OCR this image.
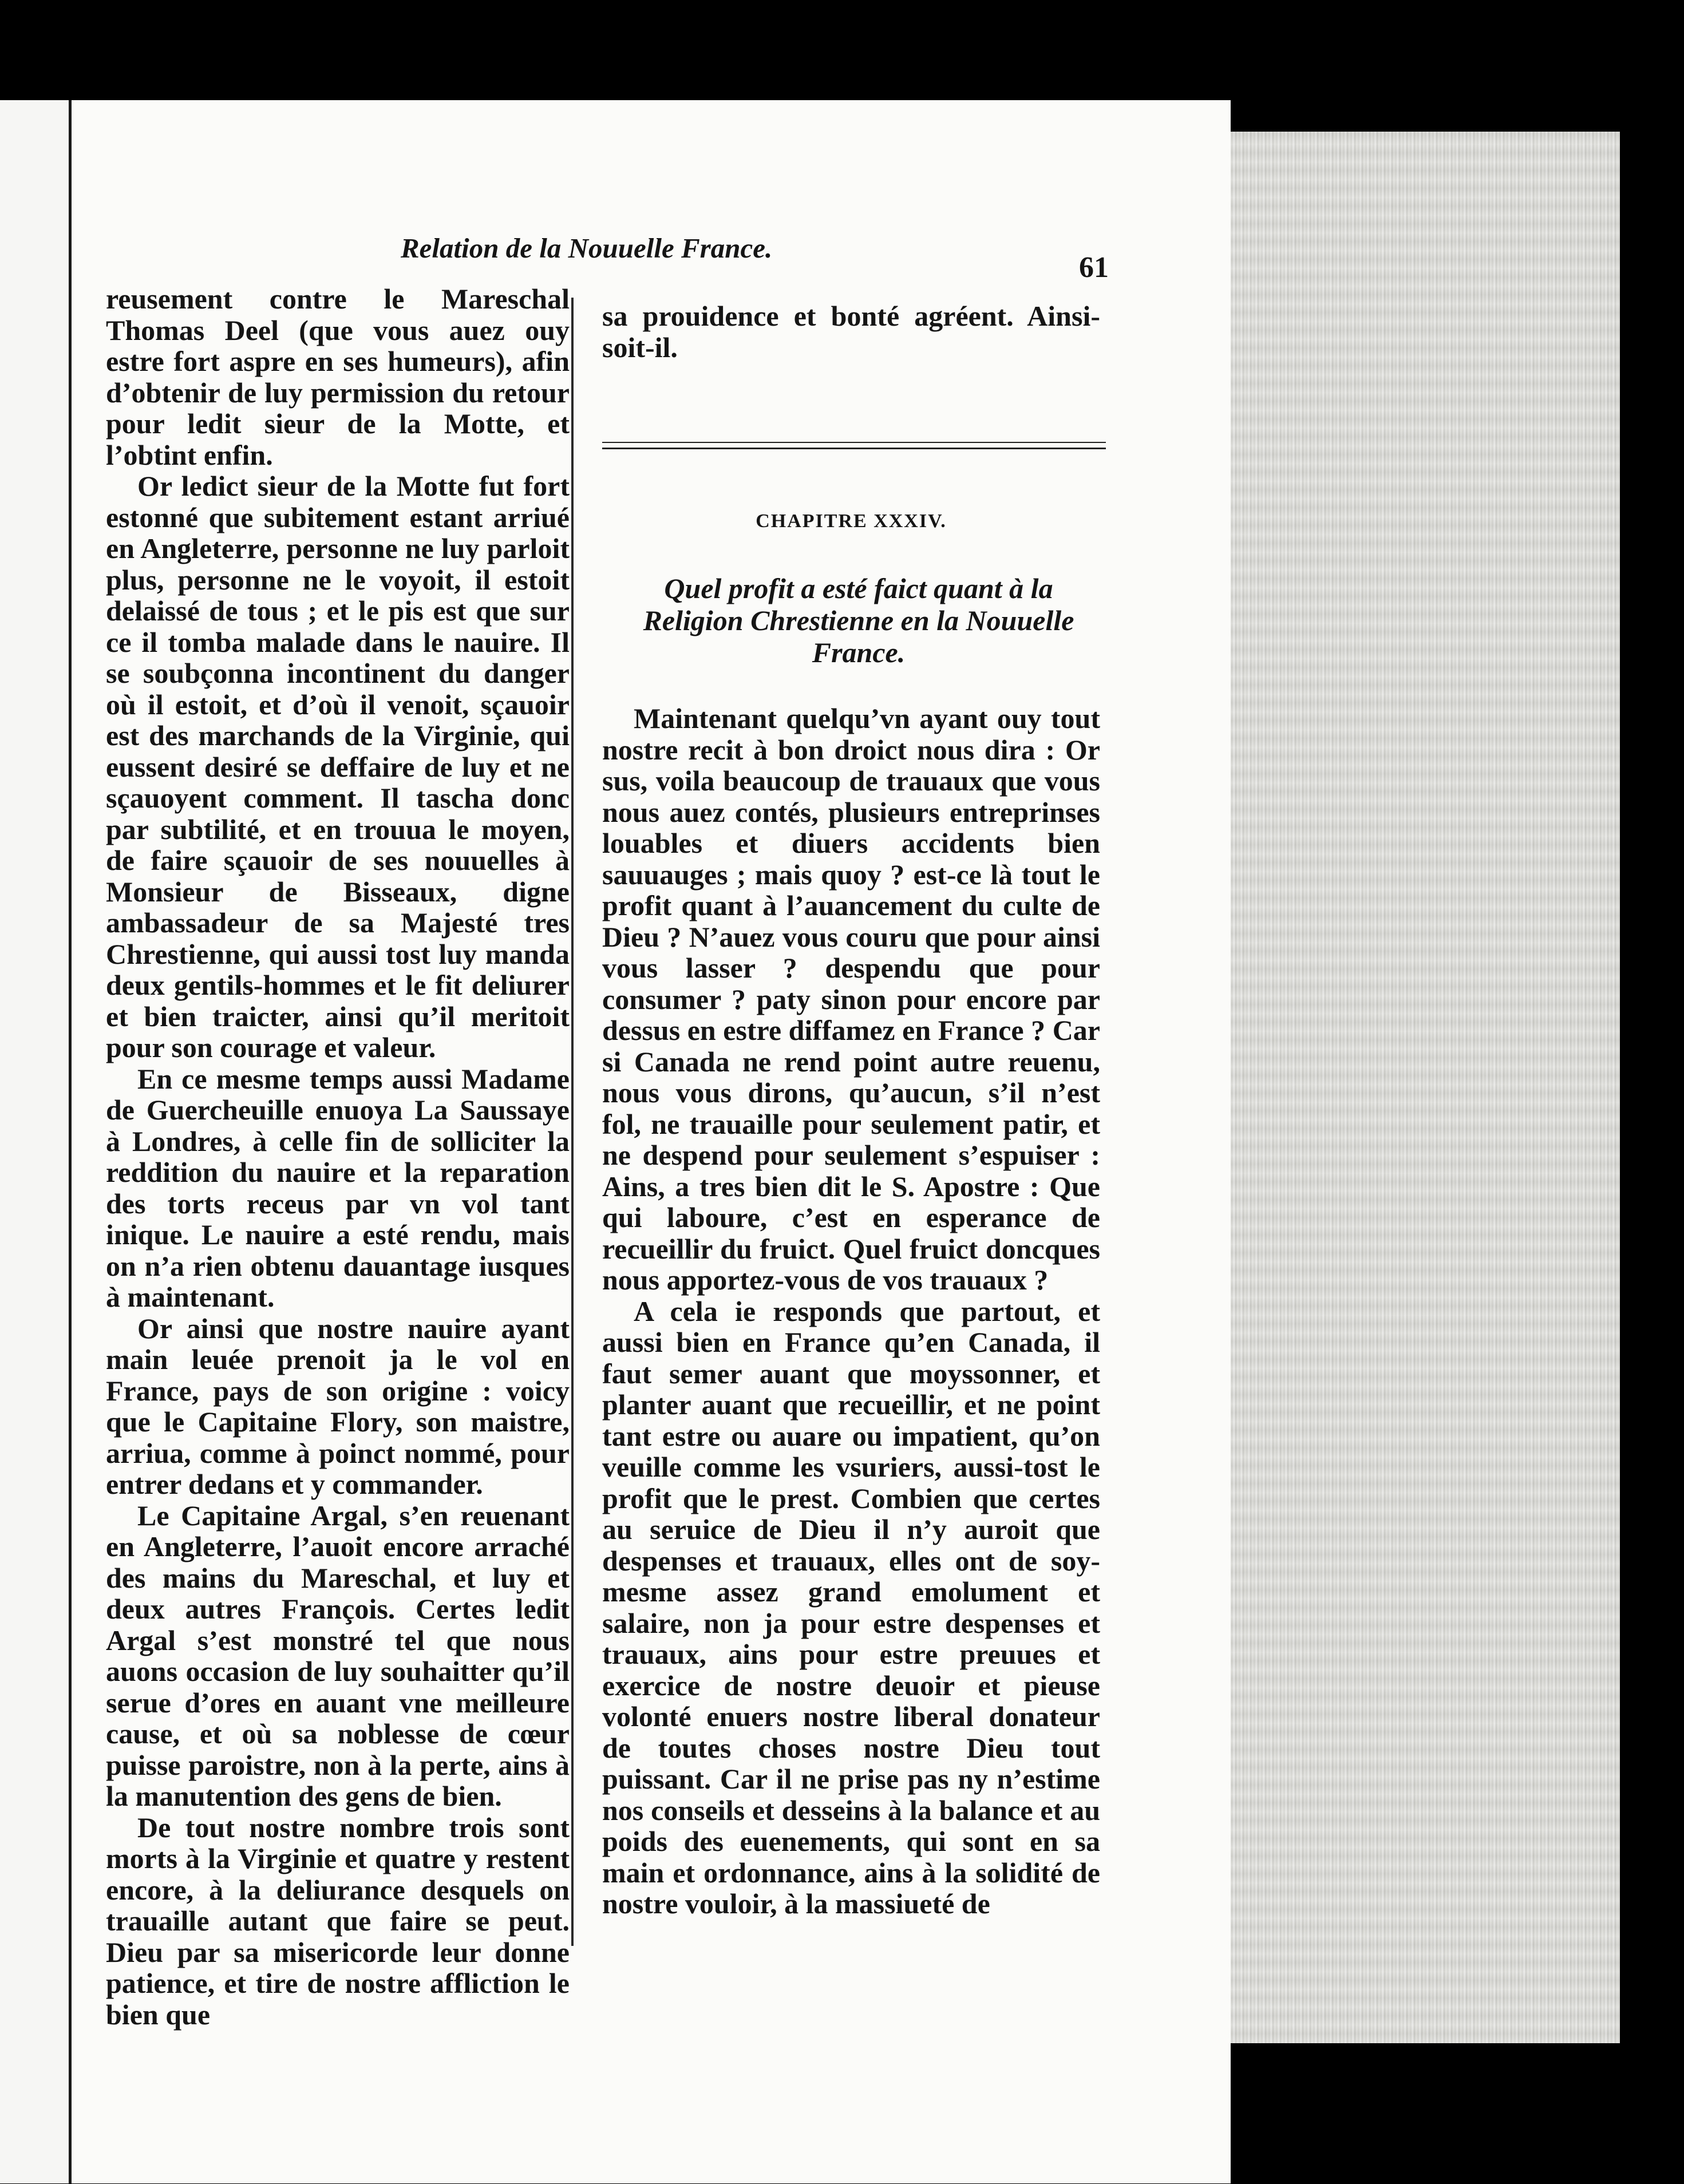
Relation de la Nouuelle France.
61

reusement contre le Mareschal Thomas Deel (que vous auez ouy estre fort aspre en ses humeurs), afin d’obtenir de luy permission du retour pour ledit sieur de la Motte, et l’obtint enfin.

Or ledict sieur de la Motte fut fort estonné que subitement estant arriué en Angleterre, personne ne luy parloit plus, personne ne le voyoit, il estoit delaissé de tous ; et le pis est que sur ce il tomba malade dans le nauire. Il se soubçonna incontinent du danger où il estoit, et d’où il venoit, sçauoir est des marchands de la Virginie, qui eussent desiré se deffaire de luy et ne sçauoyent comment. Il tascha donc par subtilité, et en trouua le moyen, de faire sçauoir de ses nouuelles à Monsieur de Bisseaux, digne ambassadeur de sa Majesté tres Chrestienne, qui aussi tost luy manda deux gentils-hommes et le fit deliurer et bien traicter, ainsi qu’il meritoit pour son courage et valeur.

En ce mesme temps aussi Madame de Guercheuille enuoya La Saussaye à Londres, à celle fin de solliciter la reddition du nauire et la reparation des torts receus par vn vol tant inique. Le nauire a esté rendu, mais on n’a rien obtenu dauantage iusques à maintenant.

Or ainsi que nostre nauire ayant main leuée prenoit ja le vol en France, pays de son origine : voicy que le Capitaine Flory, son maistre, arriua, comme à poinct nommé, pour entrer dedans et y commander.

Le Capitaine Argal, s’en reuenant en Angleterre, l’auoit encore arraché des mains du Mareschal, et luy et deux autres François. Certes ledit Argal s’est monstré tel que nous auons occasion de luy souhaitter qu’il serue d’ores en auant vne meilleure cause, et où sa noblesse de cœur puisse paroistre, non à la perte, ains à la manutention des gens de bien.

De tout nostre nombre trois sont morts à la Virginie et quatre y restent encore, à la deliurance desquels on trauaille autant que faire se peut. Dieu par sa misericorde leur donne patience, et tire de nostre affliction le bien que

sa prouidence et bonté agréent. Ainsi-soit-il.

CHAPITRE XXXIV.
Quel profit a esté faict quant à la Religion Chrestienne en la Nouuelle France.

Maintenant quelqu’vn ayant ouy tout nostre recit à bon droict nous dira : Or sus, voila beaucoup de trauaux que vous nous auez contés, plusieurs entreprinses louables et diuers accidents bien sauuauges ; mais quoy ? est-ce là tout le profit quant à l’auancement du culte de Dieu ? N’auez vous couru que pour ainsi vous lasser ? despendu que pour consumer ? paty sinon pour encore par dessus en estre diffamez en France ? Car si Canada ne rend point autre reuenu, nous vous dirons, qu’aucun, s’il n’est fol, ne trauaille pour seulement patir, et ne despend pour seulement s’espuiser : Ains, a tres bien dit le S. Apostre : Que qui laboure, c’est en esperance de recueillir du fruict. Quel fruict doncques nous apportez-vous de vos trauaux ?

A cela ie responds que partout, et aussi bien en France qu’en Canada, il faut semer auant que moyssonner, et planter auant que recueillir, et ne point tant estre ou auare ou impatient, qu’on veuille comme les vsuriers, aussi-tost le profit que le prest. Combien que certes au seruice de Dieu il n’y auroit que despenses et trauaux, elles ont de soy-mesme assez grand emolument et salaire, non ja pour estre despenses et trauaux, ains pour estre preuues et exercice de nostre deuoir et pieuse volonté enuers nostre liberal donateur de toutes choses nostre Dieu tout puissant. Car il ne prise pas ny n’estime nos conseils et desseins à la balance et au poids des euenements, qui sont en sa main et ordonnance, ains à la solidité de nostre vouloir, à la massiueté de
